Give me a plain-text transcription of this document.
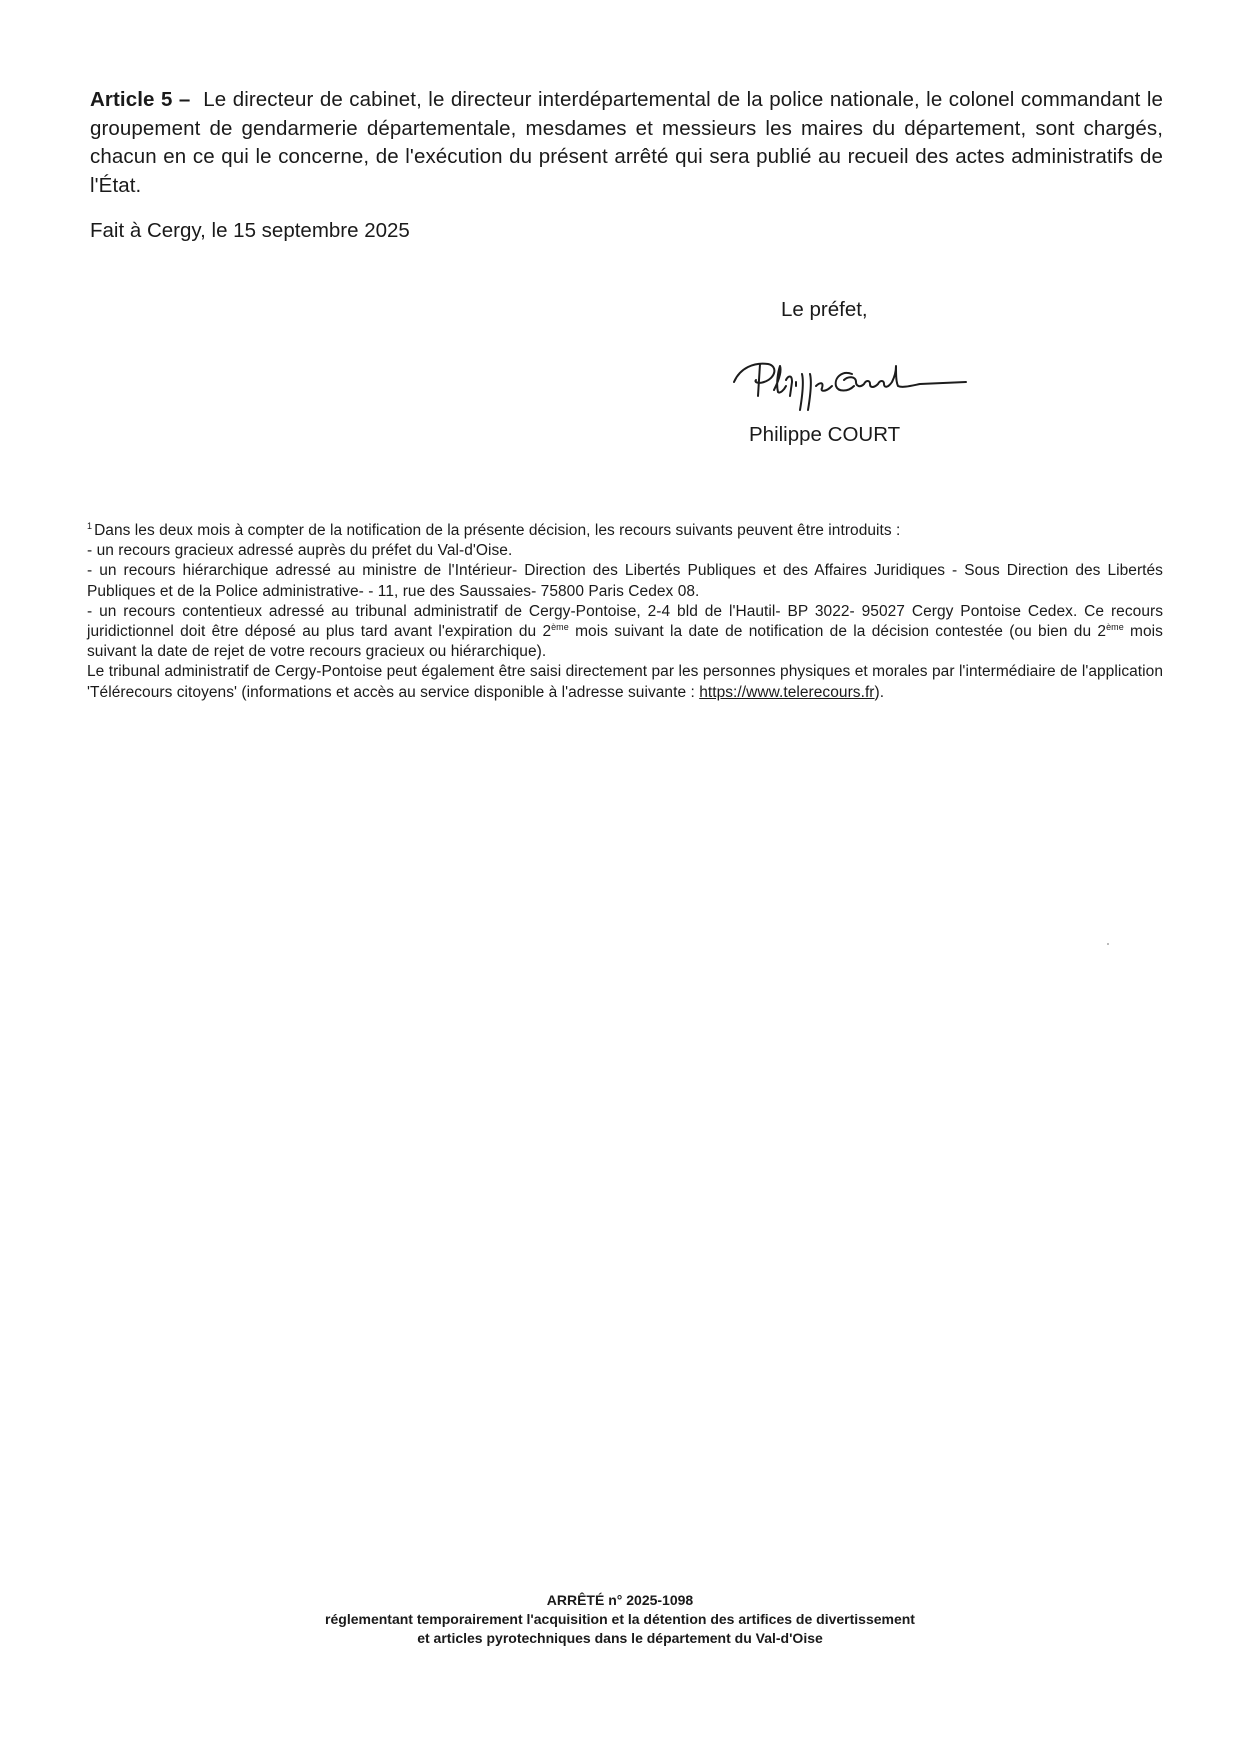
Article 5 – Le directeur de cabinet, le directeur interdépartemental de la police nationale, le colonel commandant le groupement de gendarmerie départementale, mesdames et messieurs les maires du département, sont chargés, chacun en ce qui le concerne, de l'exécution du présent arrêté qui sera publié au recueil des actes administratifs de l'État.
Fait à Cergy, le 15 septembre 2025
Le préfet,
Philippe COURT

$^1$ Dans les deux mois à compter de la notification de la présente décision, les recours suivants peuvent être introduits :

- un recours gracieux adressé auprès du préfet du Val-d'Oise.

- un recours hiérarchique adressé au ministre de l'Intérieur- Direction des Libertés Publiques et des Affaires Juridiques - Sous Direction des Libertés Publiques et de la Police administrative- - 11, rue des Saussaies- 75800 Paris Cedex 08.

- un recours contentieux adressé au tribunal administratif de Cergy-Pontoise, 2-4 bld de l'Hautil- BP 3022- 95027 Cergy Pontoise Cedex. Ce recours juridictionnel doit être déposé au plus tard avant l'expiration du 2ème mois suivant la date de notification de la décision contestée (ou bien du 2ème mois suivant la date de rejet de votre recours gracieux ou hiérarchique).

Le tribunal administratif de Cergy-Pontoise peut également être saisi directement par les personnes physiques et morales par l'intermédiaire de l'application 'Télérecours citoyens' (informations et accès au service disponible à l'adresse suivante : https://www.telerecours.fr).

ARRÊTÉ n° 2025-1098
réglementant temporairement l'acquisition et la détention des artifices de divertissement
et articles pyrotechniques dans le département du Val-d'Oise
